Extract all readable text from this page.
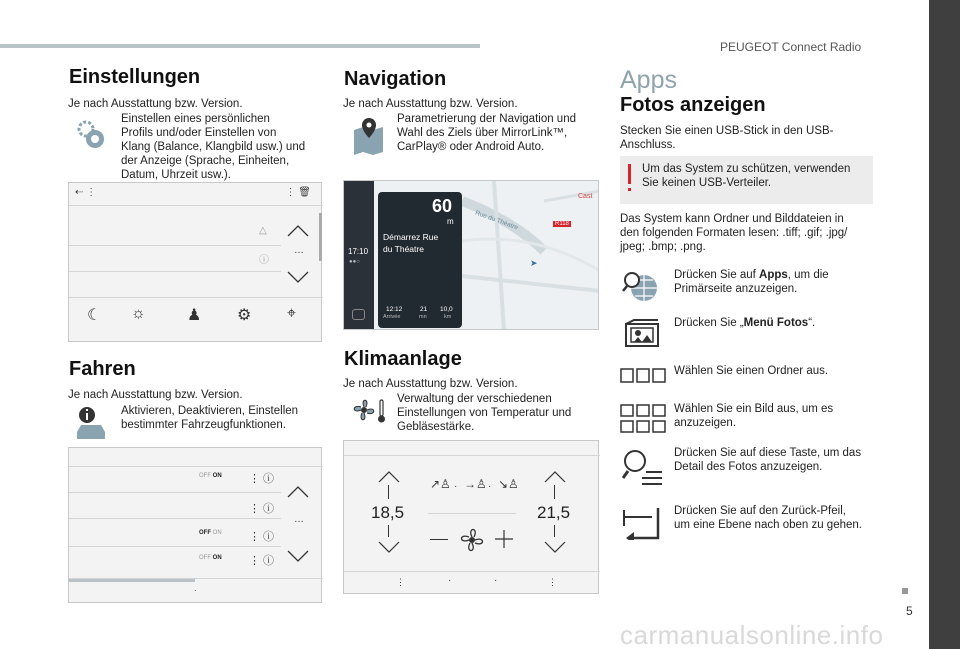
PEUGEOT Connect Radio
Einstellungen
Je nach Ausstattung bzw. Version.
Einstellen eines persönlichen
Profils und/oder Einstellen von
Klang (Balance, Klangbild usw.) und
der Anzeige (Sprache, Einheiten,
Datum, Uhrzeit usw.).
⇠ ⋮	⋮ 🗑
△
ⓘ
…
☾ ☼	♟ ⚙ ⌖
Fahren
Je nach Ausstattung bzw. Version.
Aktivieren, Deaktivieren, Einstellen
bestimmter Fahrzeugfunktionen.
OFF ON ⋮ ⓘ
⋮ ⓘ
OFF ON ⋮ ⓘ
OFF ON ⋮ ⓘ
…
·
Navigation
Je nach Ausstattung bzw. Version.
Parametrierung der Navigation und
Wahl des Ziels über MirrorLink™,
CarPlay® oder Android Auto.
17:10
●●○
60
m
Démarrez Rue
du Théatre
12:12
Arrivée
21
mn
10,0
km
Rue du Théatre	R118
Cast
➤
Klimaanlage
Je nach Ausstattung bzw. Version.
Verwaltung der verschiedenen
Einstellungen von Temperatur und
Gebläsestärke.
18,5	21,5
↗♙ · →♙ · ↘♙
⋮	·	·	⋮
Apps
Fotos anzeigen
Stecken Sie einen USB-Stick in den USB-
Anschluss.
Um das System zu schützen, verwenden
Sie keinen USB-Verteiler.
Das System kann Ordner und Bilddateien in
den folgenden Formaten lesen: .tiff; .gif; .jpg/
jpeg; .bmp; .png.
Drücken Sie auf Apps, um die
Primärseite anzuzeigen.
Drücken Sie „Menü Fotos“.
Wählen Sie einen Ordner aus.
Wählen Sie ein Bild aus, um es
anzuzeigen.
Drücken Sie auf diese Taste, um das
Detail des Fotos anzuzeigen.
Drücken Sie auf den Zurück-Pfeil,
um eine Ebene nach oben zu gehen.
5
carmanualsonline.info
